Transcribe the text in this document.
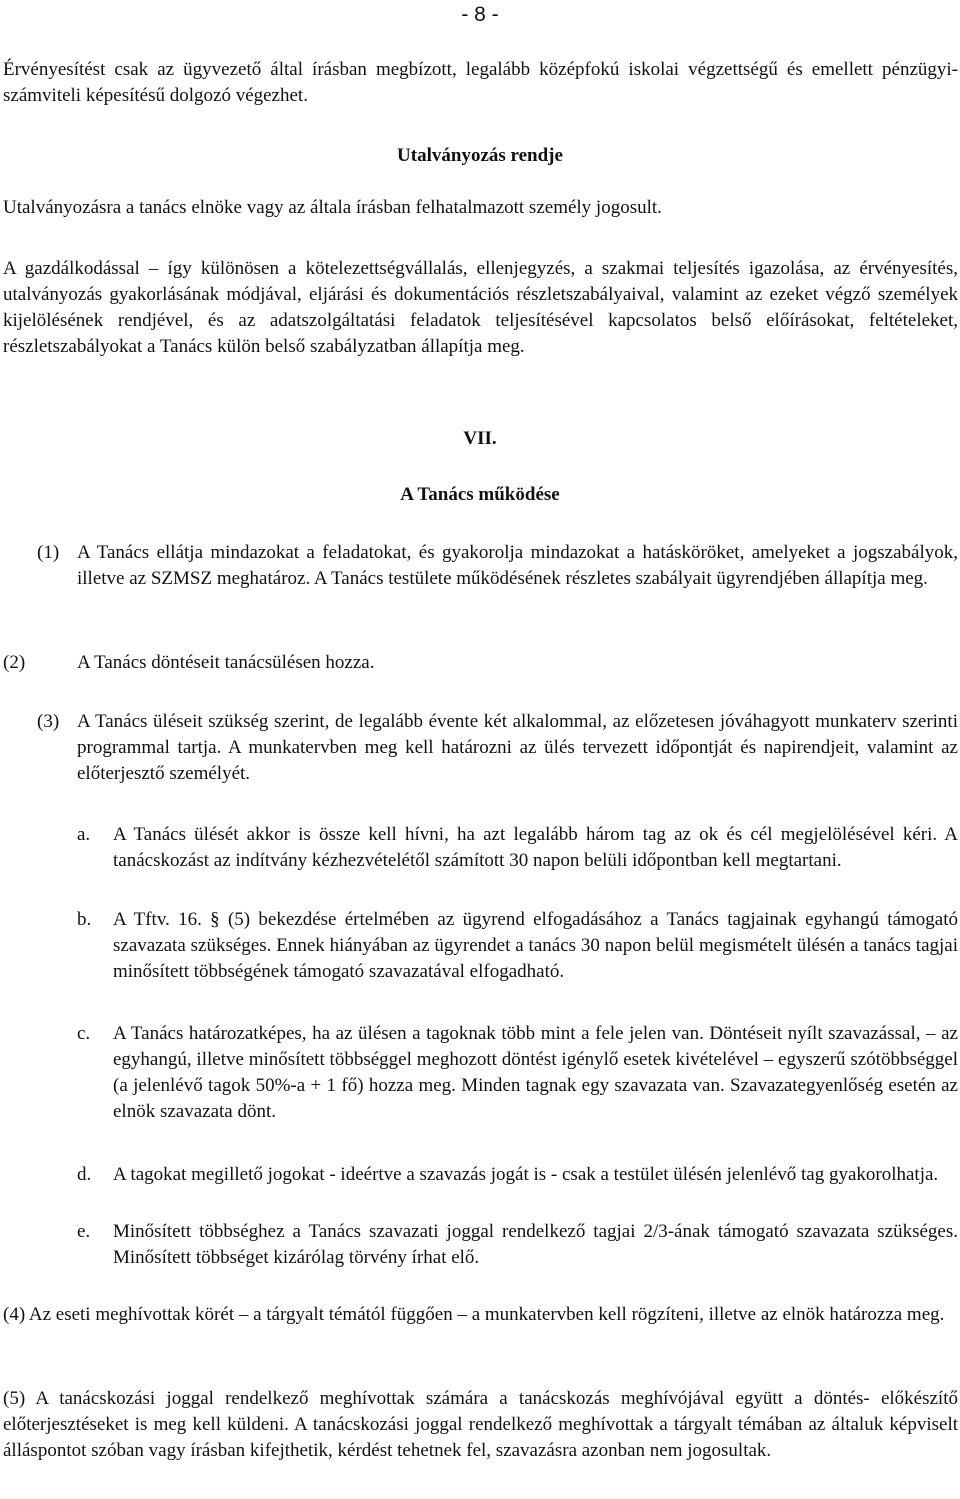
- 8 -

Érvényesítést csak az ügyvezető által írásban megbízott, legalább középfokú iskolai végzettségű és emellett pénzügyi-számviteli képesítésű dolgozó végezhet.

Utalványozás rendje

Utalványozásra a tanács elnöke vagy az általa írásban felhatalmazott személy jogosult.

A gazdálkodással – így különösen a kötelezettségvállalás, ellenjegyzés, a szakmai teljesítés igazolása, az érvényesítés, utalványozás gyakorlásának módjával, eljárási és dokumentációs részletszabályaival, valamint az ezeket végző személyek kijelölésének rendjével, és az adatszolgáltatási feladatok teljesítésével kapcsolatos belső előírásokat, feltételeket, részletszabályokat a Tanács külön belső szabályzatban állapítja meg.

VII.

A Tanács működése

(1) A Tanács ellátja mindazokat a feladatokat, és gyakorolja mindazokat a hatásköröket, amelyeket a jogszabályok, illetve az SZMSZ meghatároz. A Tanács testülete működésének részletes szabályait ügyrendjében állapítja meg.
(2)	A Tanács döntéseit tanácsülésen hozza.
(3) A Tanács üléseit szükség szerint, de legalább évente két alkalommal, az előzetesen jóváhagyott munkaterv szerinti programmal tartja. A munkatervben meg kell határozni az ülés tervezett időpontját és napirendjeit, valamint az előterjesztő személyét.
a. A Tanács ülését akkor is össze kell hívni, ha azt legalább három tag az ok és cél megjelölésével kéri. A tanácskozást az indítvány kézhezvételétől számított 30 napon belüli időpontban kell megtartani.
b. A Tftv. 16. § (5) bekezdése értelmében az ügyrend elfogadásához a Tanács tagjainak egyhangú támogató szavazata szükséges. Ennek hiányában az ügyrendet a tanács 30 napon belül megismételt ülésén a tanács tagjai minősített többségének támogató szavazatával elfogadható.
c. A Tanács határozatképes, ha az ülésen a tagoknak több mint a fele jelen van. Döntéseit nyílt szavazással, – az egyhangú, illetve minősített többséggel meghozott döntést igénylő esetek kivételével – egyszerű szótöbbséggel (a jelenlévő tagok 50%-a + 1 fő) hozza meg. Minden tagnak egy szavazata van. Szavazategyenlőség esetén az elnök szavazata dönt.
d. A tagokat megillető jogokat - ideértve a szavazás jogát is - csak a testület ülésén jelenlévő tag gyakorolhatja.
e. Minősített többséghez a Tanács szavazati joggal rendelkező tagjai 2/3-ának támogató szavazata szükséges. Minősített többséget kizárólag törvény írhat elő.

(4) Az eseti meghívottak körét – a tárgyalt témától függően – a munkatervben kell rögzíteni, illetve az elnök határozza meg.

(5) A tanácskozási joggal rendelkező meghívottak számára a tanácskozás meghívójával együtt a döntés- előkészítő előterjesztéseket is meg kell küldeni. A tanácskozási joggal rendelkező meghívottak a tárgyalt témában az általuk képviselt álláspontot szóban vagy írásban kifejthetik, kérdést tehetnek fel, szavazásra azonban nem jogosultak.
